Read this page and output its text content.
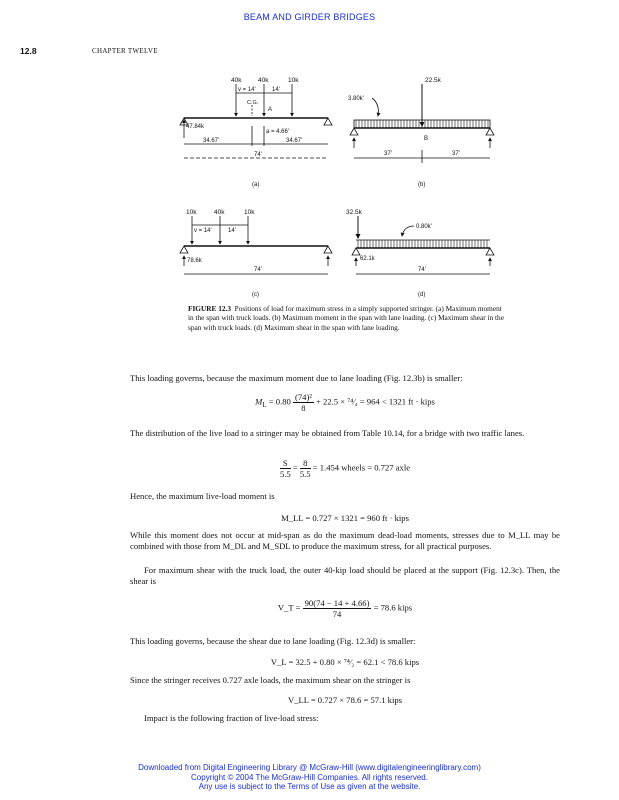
BEAM AND GIRDER BRIDGES
12.8	CHAPTER TWELVE
40k	40k	10k
v = 14'	14'
C.G.
A
47.84k
a = 4.66'
34.67'	34.67'
74'
(a)
22.5k
3.80k'
B
37'	37'
(b)
10k	40k	10k
v = 14'	14'
78.6k
74'
(c)
32.5k
0.80k'
62.1k
74'
(d)
FIGURE 12.3 Positions of load for maximum stress in a simply supported stringer. (a) Maximum moment in the span with truck loads. (b) Maximum moment in the span with lane loading. (c) Maximum shear in the span with truck loads. (d) Maximum shear in the span with lane loading.
This loading governs, because the maximum moment due to lane loading (Fig. 12.3b) is smaller:
$M_L = 0.80 \frac{\text{(74)²}}{8} + 22.5$ × ⁷⁴⁄₄ = 964 < 1321 ft · kips
The distribution of the live load to a stringer may be obtained from Table 10.14, for a bridge with two traffic lanes.
$\frac{S}{5.5} = \frac{8}{5.5} = 1.454$ wheels = 0.727 axle
Hence, the maximum live-load moment is
M_LL = 0.727 × 1321 = 960 ft · kips
While this moment does not occur at mid-span as do the maximum dead-load moments, stresses due to M_LL may be combined with those from M_DL and M_SDL to produce the maximum stress, for all practical purposes.
For maximum shear with the truck load, the outer 40-kip load should be placed at the support (Fig. 12.3c). Then, the shear is
V_T = $\frac{90(74 - 14 + 4.66)}{74} = 78.6$ kips
This loading governs, because the shear due to lane loading (Fig. 12.3d) is smaller:
V_L = 32.5 + 0.80 × ⁷⁴⁄₂ = 62.1 < 78.6 kips
Since the stringer receives 0.727 axle loads, the maximum shear on the stringer is
V_LL = 0.727 × 78.6 = 57.1 kips
Impact is the following fraction of live-load stress:
Downloaded from Digital Engineering Library @ McGraw-Hill (www.digitalengineeringlibrary.com)
Copyright © 2004 The McGraw-Hill Companies. All rights reserved.
Any use is subject to the Terms of Use as given at the website.
